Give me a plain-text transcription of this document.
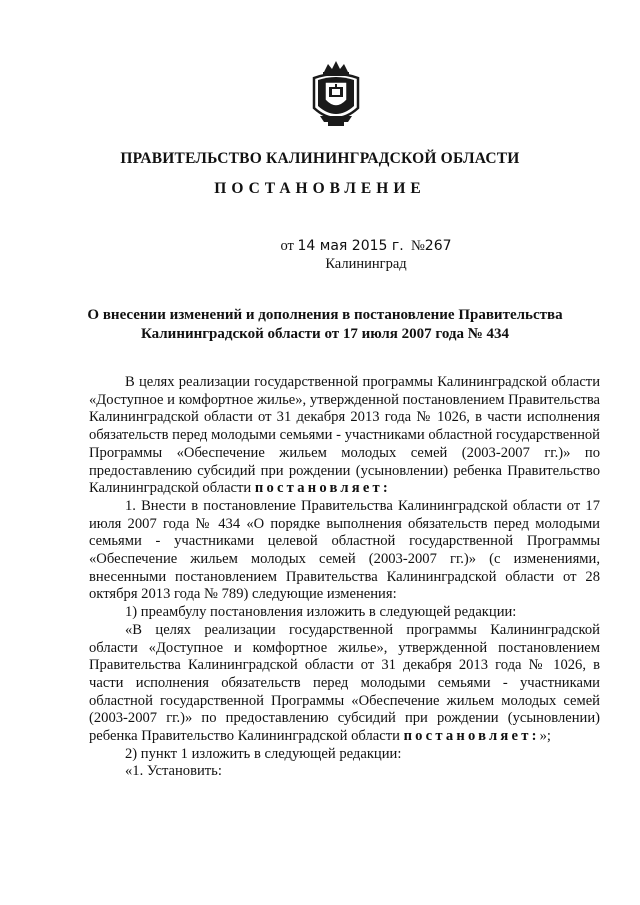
ПРАВИТЕЛЬСТВО КАЛИНИНГРАДСКОЙ ОБЛАСТИ
ПОСТАНОВЛЕНИЕ
от 14 мая 2015 г. №267
Калининград
О внесении изменений и дополнения в постановление Правительства
Калининградской области от 17 июля 2007 года № 434

В целях реализации государственной программы Калининградской области «Доступное и комфортное жилье», утвержденной постановлением Правительства Калининградской области от 31 декабря 2013 года № 1026, в части исполнения обязательств перед молодыми семьями - участниками областной государственной Программы «Обеспечение жильем молодых семей (2003-2007 гг.)» по предоставлению субсидий при рождении (усыновлении) ребенка Правительство Калининградской области постановляет:

1. Внести в постановление Правительства Калининградской области от 17 июля 2007 года № 434 «О порядке выполнения обязательств перед молодыми семьями - участниками целевой областной государственной Программы «Обеспечение жильем молодых семей (2003-2007 гг.)» (с изменениями, внесенными постановлением Правительства Калининградской области от 28 октября 2013 года № 789) следующие изменения:

1) преамбулу постановления изложить в следующей редакции:

«В целях реализации государственной программы Калининградской области «Доступное и комфортное жилье», утвержденной постановлением Правительства Калининградской области от 31 декабря 2013 года № 1026, в части исполнения обязательств перед молодыми семьями - участниками областной государственной Программы «Обеспечение жильем молодых семей (2003-2007 гг.)» по предоставлению субсидий при рождении (усыновлении) ребенка Правительство Калининградской области постановляет:»;

2) пункт 1 изложить в следующей редакции:

«1. Установить:
